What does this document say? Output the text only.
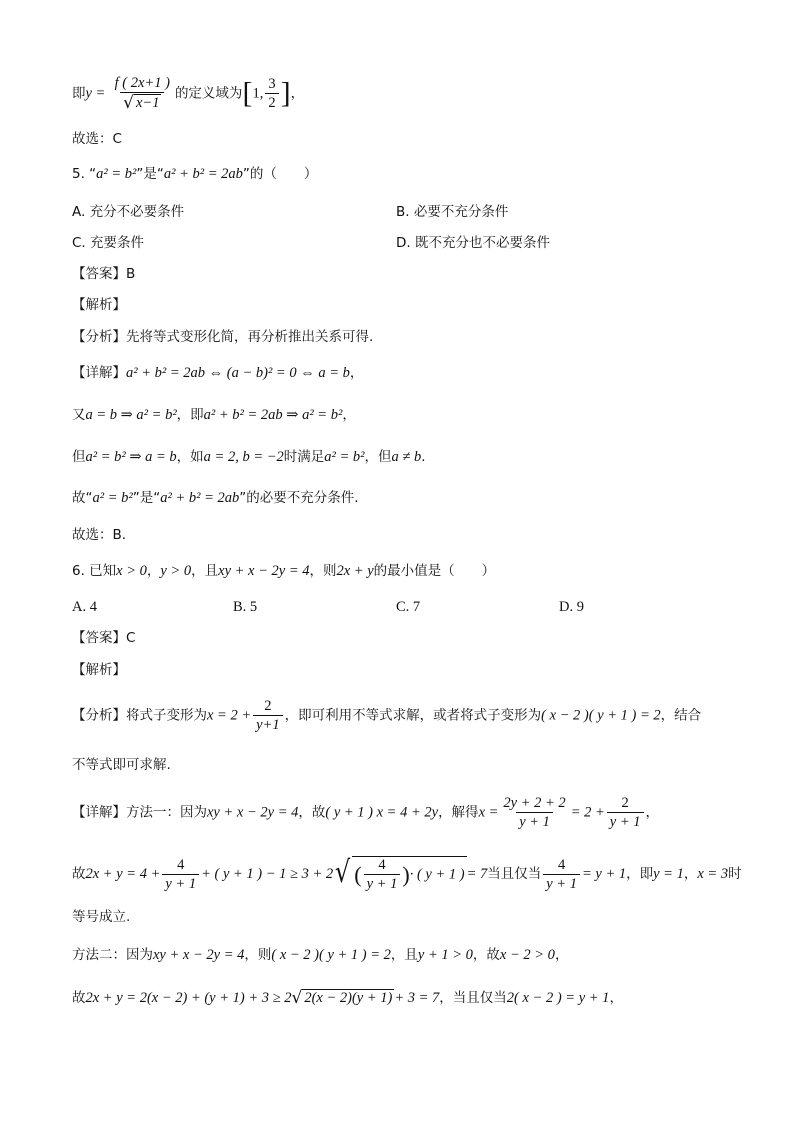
即$y = \frac{f ( 2x+1 )}{√ x-1}$ 的定义域为[1, $\frac{3}{2}$ ]，
故选：C
5. “a² = b²”是“a² + b² = 2ab”的（　　）
A. 充分不必要条件	B. 必要不充分条件
C. 充要条件	D. 既不充分也不必要条件
【答案】B
【解析】
【分析】先将等式变形化简，再分析推出关系可得.
【详解】a² + b² = 2ab ⇔ (a − b)² = 0 ⇔ a = b，
又a = b ⇒ a² = b²，即a² + b² = 2ab ⇒ a² = b²，
但a² = b² ⇒ a = b，如a = 2, b = −2时满足a² = b²，但a ≠ b.
故“a² = b²”是“a² + b² = 2ab”的必要不充分条件.
故选：B.
6. 已知x > 0，y > 0，且xy + x − 2y = 4，则2x + y的最小值是（　　）
A. 4	B. 5	C. 7	D. 9
【答案】C
【解析】
【分析】将式子变形为$x = 2 + \frac{2}{y+1}$ ，即可利用不等式求解，或者将式子变形为( x − 2 )( y + 1 ) = 2，结合
不等式即可求解.
【详解】方法一：因为xy + x − 2y = 4，故( y + 1 ) x = 4 + 2y，解得$x = \frac{2y + 2 + 2}{y + 1} = 2 + \frac{2}{y + 1}$ ，
故$2x + y = 4 + \frac{4}{y + 1}$ + ( y + 1 ) − 1 ≥ 3 + 2 √ ( $\frac{4}{y + 1}$ )· ( y + 1 ) = 7当且仅当 $\frac{4}{y + 1} = y + 1$，即y = 1，x = 3时
等号成立.
方法二：因为xy + x − 2y = 4，则( x − 2 )( y + 1 ) = 2，且y + 1 > 0，故x − 2 > 0，
故2x + y = 2(x − 2) + (y + 1) + 3 ≥ 2 √ 2(x − 2)(y + 1) + 3 = 7，当且仅当2( x − 2 ) = y + 1，
